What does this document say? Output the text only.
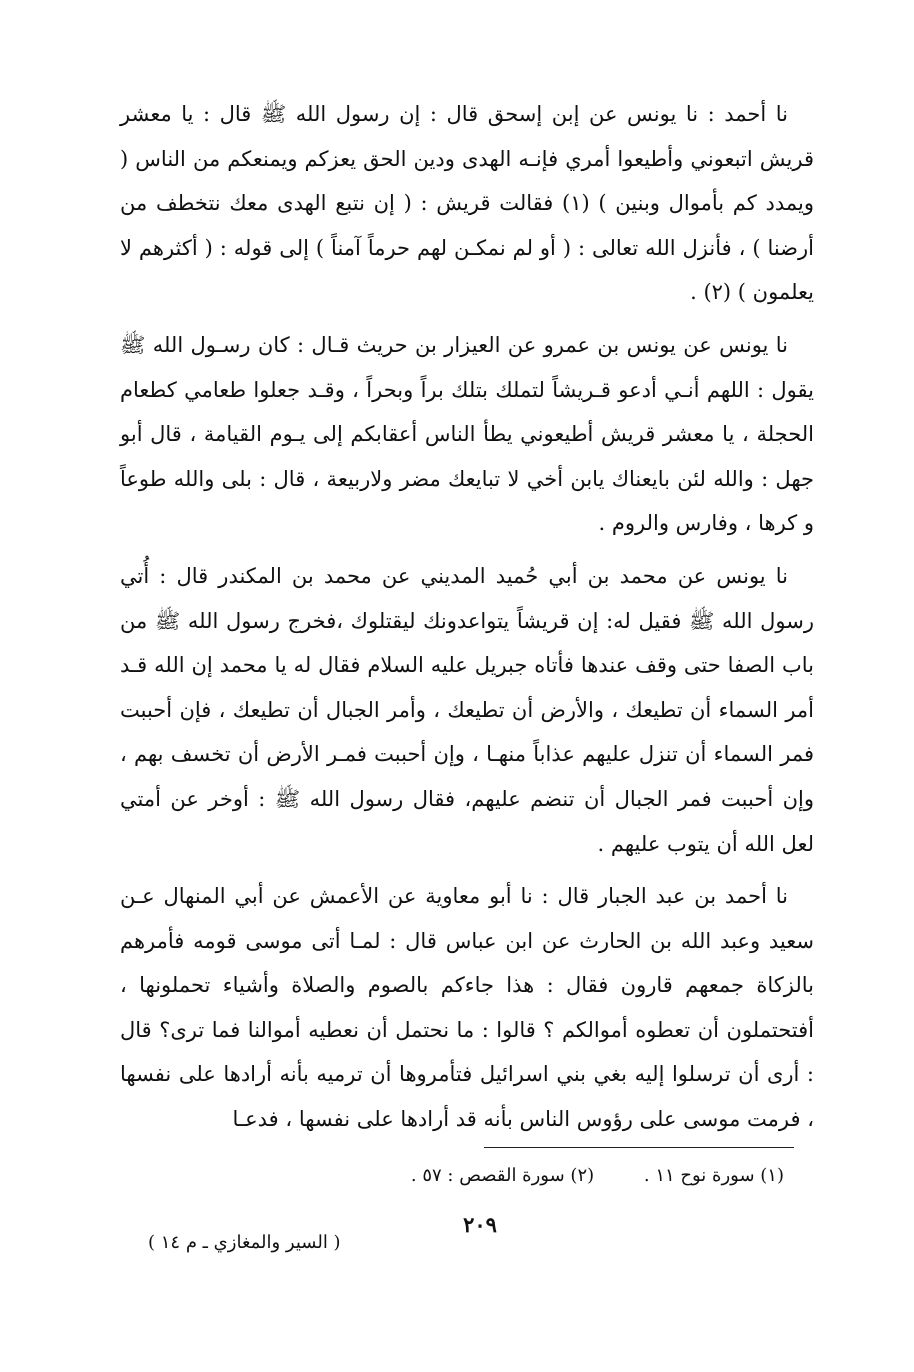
نا أحمد : نا يونس عن إبن إسحق قال : إن رسول الله ﷺ قال : يا معشر قريش اتبعوني وأطيعوا أمري فإنـه الهدى ودين الحق يعزكم ويمنعكم من الناس ( ويمدد كم بأموال وبنين ) (١) فقالت قريش : ( إن نتبع الهدى معك نتخطف من أرضنا ) ، فأنزل الله تعالى : ( أو لم نمكـن لهم حرماً آمناً ) إلى قوله : ( أكثرهم لا يعلمون ) (٢) .

نا يونس عن يونس بن عمرو عن العيزار بن حريث قـال : كان رسـول الله ﷺ يقول : اللهم أنـي أدعو قـريشاً لتملك بتلك براً وبحراً ، وقـد جعلوا طعامي كطعام الحجلة ، يا معشر قريش أطيعوني يطأ الناس أعقابكم إلى يـوم القيامة ، قال أبو جهل : والله لئن بايعناك يابن أخي لا تبايعك مضر ولاربيعة ، قال : بلى والله طوعاً و كرها ، وفارس والروم .

نا يونس عن محمد بن أبي حُميد المديني عن محمد بن المكندر قال : أُتي رسول الله ﷺ فقيل له: إن قريشاً يتواعدونك ليقتلوك ،فخرج رسول الله ﷺ من باب الصفا حتى وقف عندها فأتاه جبريل عليه السلام فقال له يا محمد إن الله قـد أمر السماء أن تطيعك ، والأرض أن تطيعك ، وأمر الجبال أن تطيعك ، فإن أحببت فمر السماء أن تنزل عليهم عذاباً منهـا ، وإن أحببت فمـر الأرض أن تخسف بهم ، وإن أحببت فمر الجبال أن تنضم عليهم، فقال رسول الله ﷺ : أوخر عن أمتي لعل الله أن يتوب عليهم .

نا أحمد بن عبد الجبار قال : نا أبو معاوية عن الأعمش عن أبي المنهال عـن سعيد وعبد الله بن الحارث عن ابن عباس قال : لمـا أتى موسى قومه فأمرهم بالزكاة جمعهم قارون فقال : هذا جاءكم بالصوم والصلاة وأشياء تحملونها ، أفتحتملون أن تعطوه أموالكم ؟ قالوا : ما نحتمل أن نعطيه أموالنا فما ترى؟ قال : أرى أن ترسلوا إليه بغي بني اسرائيل فتأمروها أن ترميه بأنه أرادها على نفسها ، فرمت موسى على رؤوس الناس بأنه قد أرادها على نفسها ، فدعـا

(١) سورة نوح ١١ . (٢) سورة القصص : ٥٧ .
٢٠٩
( السير والمغازي ـ م ١٤ )
